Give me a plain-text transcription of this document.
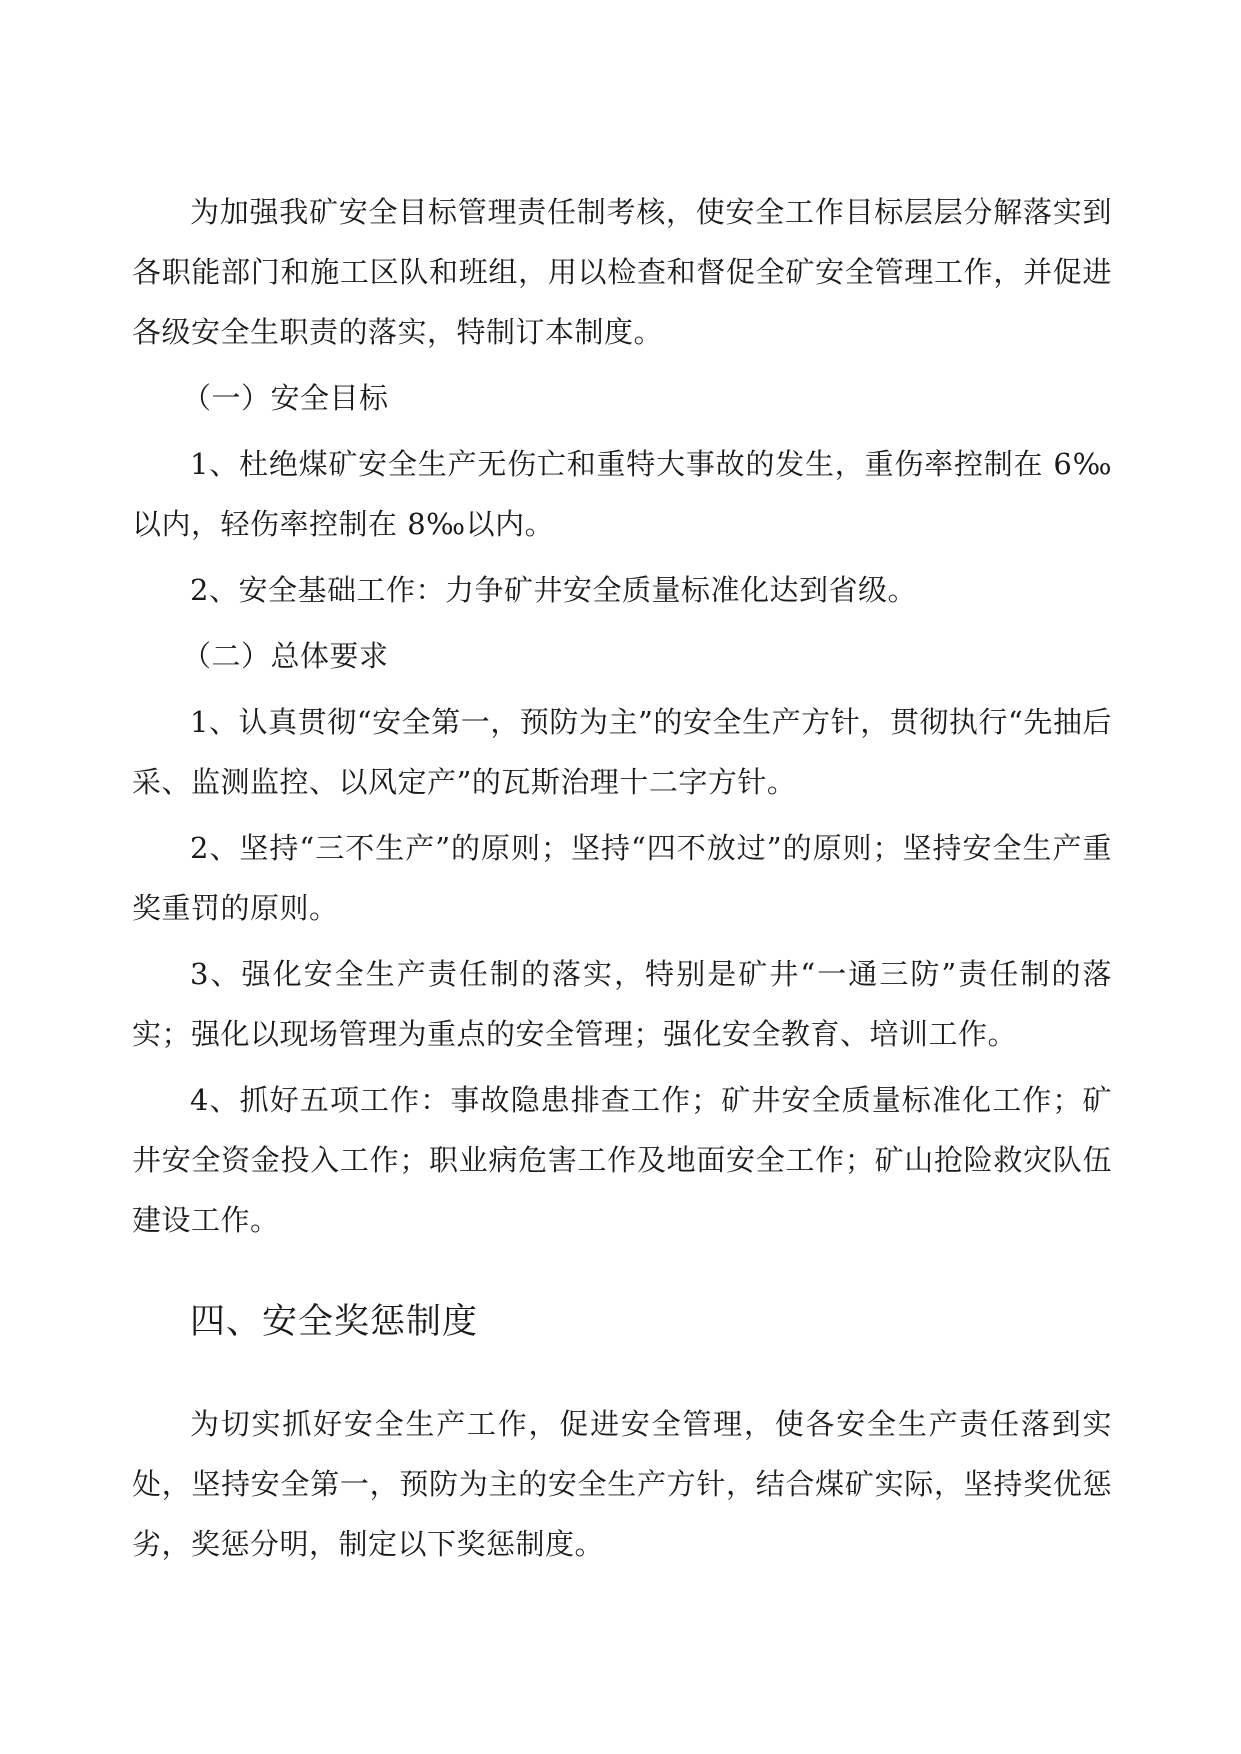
为加强我矿安全目标管理责任制考核，使安全工作目标层层分解落实到各职能部门和施工区队和班组，用以检查和督促全矿安全管理工作，并促进各级安全生职责的落实，特制订本制度。

（一）安全目标

1、杜绝煤矿安全生产无伤亡和重特大事故的发生，重伤率控制在 6‰以内，轻伤率控制在 8‰以内。

2、安全基础工作：力争矿井安全质量标准化达到省级。

（二）总体要求

1、认真贯彻“安全第一，预防为主”的安全生产方针，贯彻执行“先抽后采、监测监控、以风定产”的瓦斯治理十二字方针。

2、坚持“三不生产”的原则；坚持“四不放过”的原则；坚持安全生产重奖重罚的原则。

3、强化安全生产责任制的落实，特别是矿井“一通三防”责任制的落实；强化以现场管理为重点的安全管理；强化安全教育、培训工作。

4、抓好五项工作：事故隐患排查工作；矿井安全质量标准化工作；矿井安全资金投入工作；职业病危害工作及地面安全工作；矿山抢险救灾队伍建设工作。

四、安全奖惩制度

为切实抓好安全生产工作，促进安全管理，使各安全生产责任落到实处，坚持安全第一，预防为主的安全生产方针，结合煤矿实际，坚持奖优惩劣，奖惩分明，制定以下奖惩制度。
